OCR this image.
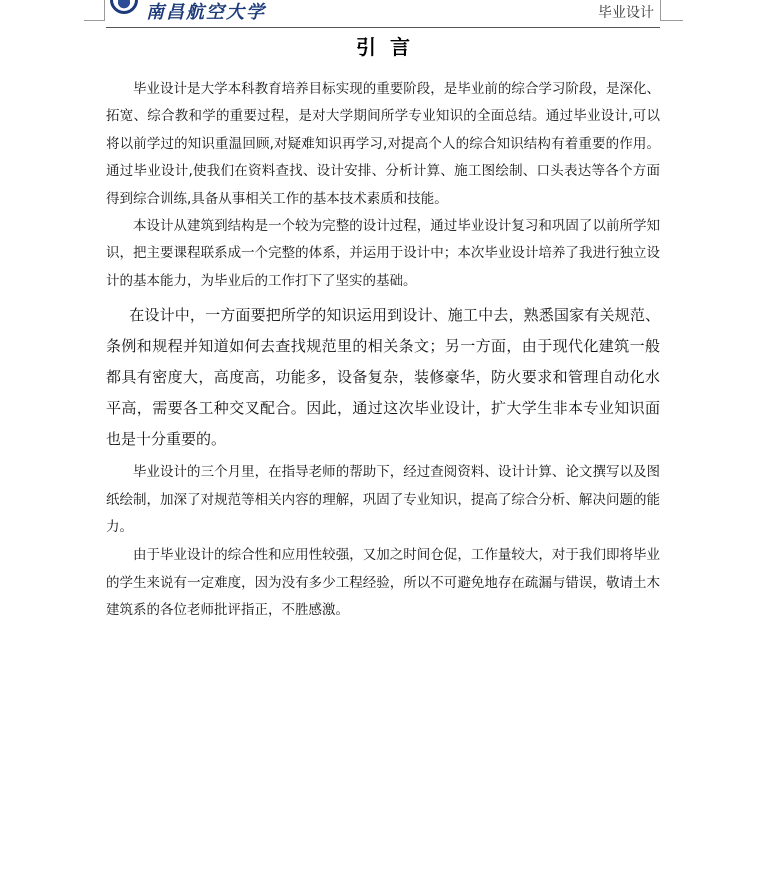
南昌航空大学	毕业设计
引言

毕业设计是大学本科教育培养目标实现的重要阶段，是毕业前的综合学习阶段，是深化、拓宽、综合教和学的重要过程，是对大学期间所学专业知识的全面总结。通过毕业设计,可以将以前学过的知识重温回顾,对疑难知识再学习,对提高个人的综合知识结构有着重要的作用。通过毕业设计,使我们在资料查找、设计安排、分析计算、施工图绘制、口头表达等各个方面得到综合训练,具备从事相关工作的基本技术素质和技能。

本设计从建筑到结构是一个较为完整的设计过程，通过毕业设计复习和巩固了以前所学知识，把主要课程联系成一个完整的体系，并运用于设计中；本次毕业设计培养了我进行独立设计的基本能力，为毕业后的工作打下了坚实的基础。

在设计中，一方面要把所学的知识运用到设计、施工中去，熟悉国家有关规范、条例和规程并知道如何去查找规范里的相关条文；另一方面，由于现代化建筑一般都具有密度大，高度高，功能多，设备复杂，装修豪华，防火要求和管理自动化水平高，需要各工种交叉配合。因此，通过这次毕业设计，扩大学生非本专业知识面也是十分重要的。

毕业设计的三个月里，在指导老师的帮助下，经过查阅资料、设计计算、论文撰写以及图纸绘制，加深了对规范等相关内容的理解，巩固了专业知识，提高了综合分析、解决问题的能力。

由于毕业设计的综合性和应用性较强，又加之时间仓促，工作量较大，对于我们即将毕业的学生来说有一定难度，因为没有多少工程经验，所以不可避免地存在疏漏与错误，敬请土木建筑系的各位老师批评指正，不胜感激。
